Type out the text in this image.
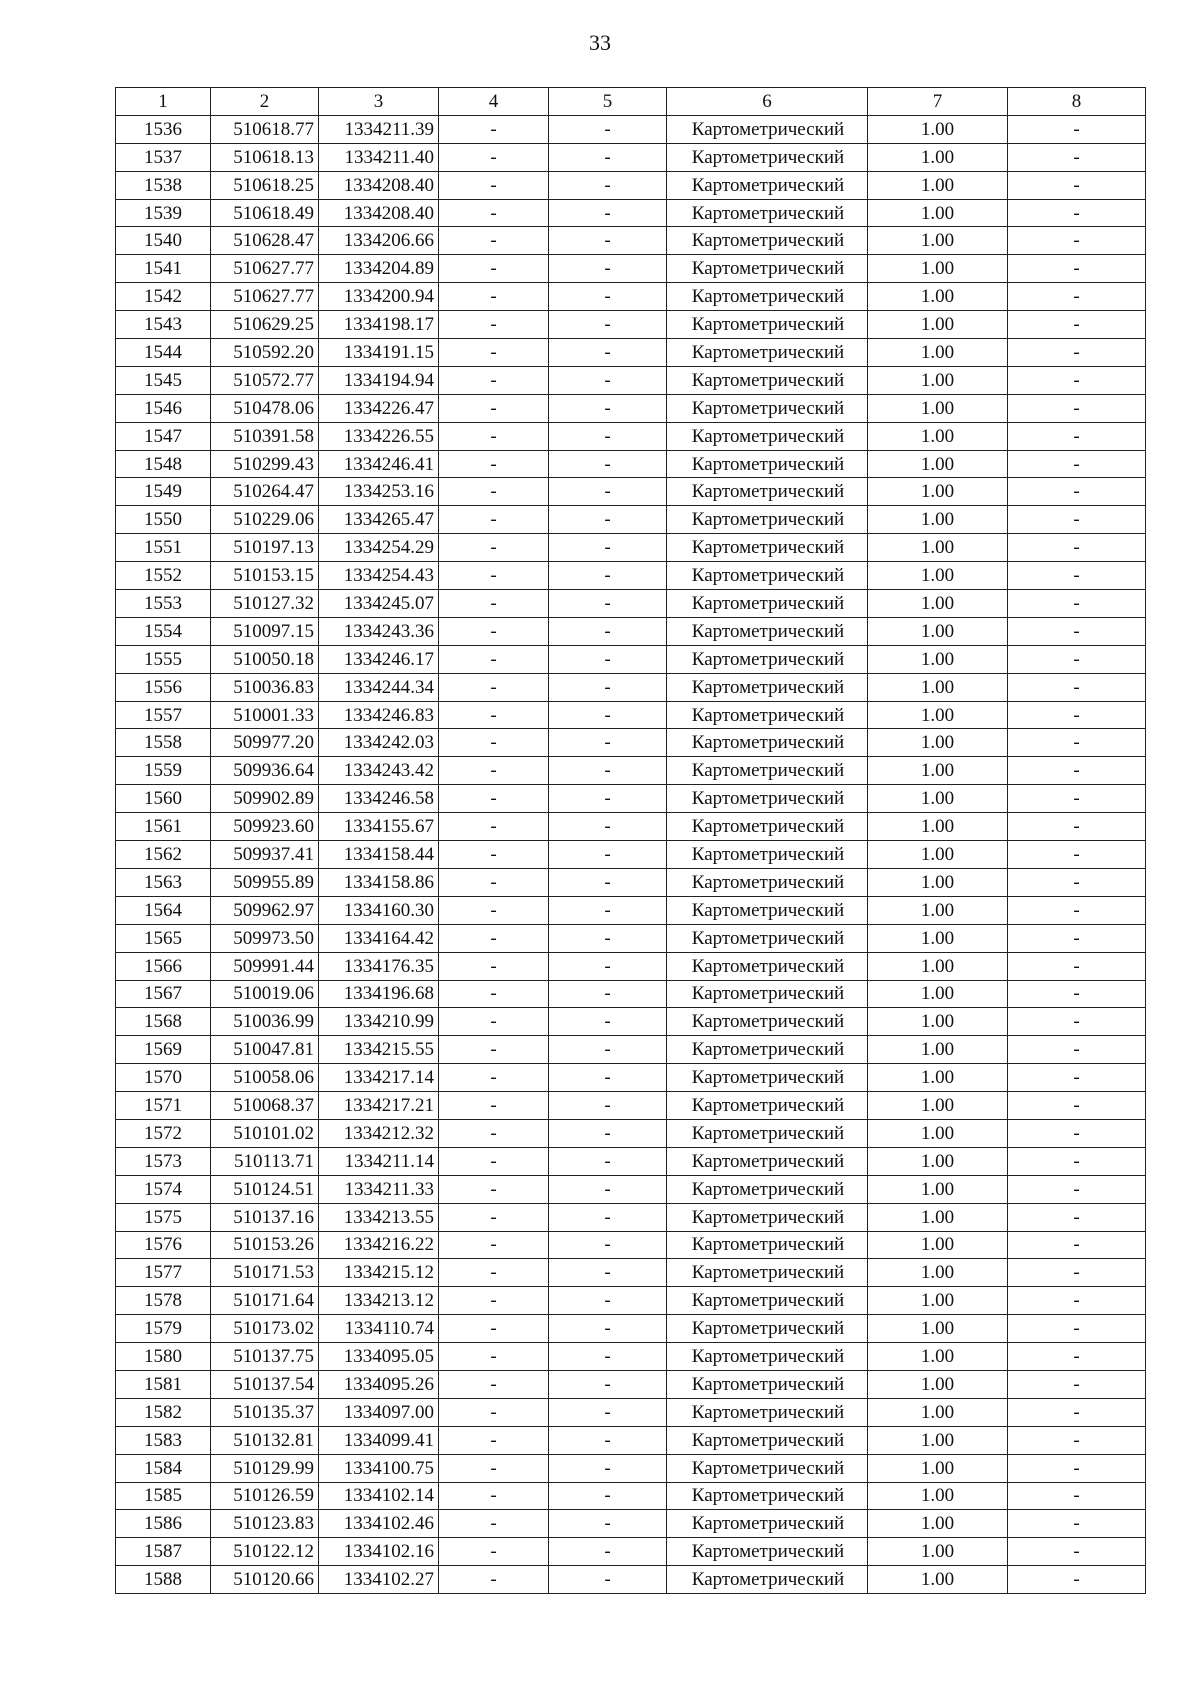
33
1	2	3	4	5	6	7	8
1536	510618.77	1334211.39	-	-	Картометрический	1.00	-
1537	510618.13	1334211.40	-	-	Картометрический	1.00	-
1538	510618.25	1334208.40	-	-	Картометрический	1.00	-
1539	510618.49	1334208.40	-	-	Картометрический	1.00	-
1540	510628.47	1334206.66	-	-	Картометрический	1.00	-
1541	510627.77	1334204.89	-	-	Картометрический	1.00	-
1542	510627.77	1334200.94	-	-	Картометрический	1.00	-
1543	510629.25	1334198.17	-	-	Картометрический	1.00	-
1544	510592.20	1334191.15	-	-	Картометрический	1.00	-
1545	510572.77	1334194.94	-	-	Картометрический	1.00	-
1546	510478.06	1334226.47	-	-	Картометрический	1.00	-
1547	510391.58	1334226.55	-	-	Картометрический	1.00	-
1548	510299.43	1334246.41	-	-	Картометрический	1.00	-
1549	510264.47	1334253.16	-	-	Картометрический	1.00	-
1550	510229.06	1334265.47	-	-	Картометрический	1.00	-
1551	510197.13	1334254.29	-	-	Картометрический	1.00	-
1552	510153.15	1334254.43	-	-	Картометрический	1.00	-
1553	510127.32	1334245.07	-	-	Картометрический	1.00	-
1554	510097.15	1334243.36	-	-	Картометрический	1.00	-
1555	510050.18	1334246.17	-	-	Картометрический	1.00	-
1556	510036.83	1334244.34	-	-	Картометрический	1.00	-
1557	510001.33	1334246.83	-	-	Картометрический	1.00	-
1558	509977.20	1334242.03	-	-	Картометрический	1.00	-
1559	509936.64	1334243.42	-	-	Картометрический	1.00	-
1560	509902.89	1334246.58	-	-	Картометрический	1.00	-
1561	509923.60	1334155.67	-	-	Картометрический	1.00	-
1562	509937.41	1334158.44	-	-	Картометрический	1.00	-
1563	509955.89	1334158.86	-	-	Картометрический	1.00	-
1564	509962.97	1334160.30	-	-	Картометрический	1.00	-
1565	509973.50	1334164.42	-	-	Картометрический	1.00	-
1566	509991.44	1334176.35	-	-	Картометрический	1.00	-
1567	510019.06	1334196.68	-	-	Картометрический	1.00	-
1568	510036.99	1334210.99	-	-	Картометрический	1.00	-
1569	510047.81	1334215.55	-	-	Картометрический	1.00	-
1570	510058.06	1334217.14	-	-	Картометрический	1.00	-
1571	510068.37	1334217.21	-	-	Картометрический	1.00	-
1572	510101.02	1334212.32	-	-	Картометрический	1.00	-
1573	510113.71	1334211.14	-	-	Картометрический	1.00	-
1574	510124.51	1334211.33	-	-	Картометрический	1.00	-
1575	510137.16	1334213.55	-	-	Картометрический	1.00	-
1576	510153.26	1334216.22	-	-	Картометрический	1.00	-
1577	510171.53	1334215.12	-	-	Картометрический	1.00	-
1578	510171.64	1334213.12	-	-	Картометрический	1.00	-
1579	510173.02	1334110.74	-	-	Картометрический	1.00	-
1580	510137.75	1334095.05	-	-	Картометрический	1.00	-
1581	510137.54	1334095.26	-	-	Картометрический	1.00	-
1582	510135.37	1334097.00	-	-	Картометрический	1.00	-
1583	510132.81	1334099.41	-	-	Картометрический	1.00	-
1584	510129.99	1334100.75	-	-	Картометрический	1.00	-
1585	510126.59	1334102.14	-	-	Картометрический	1.00	-
1586	510123.83	1334102.46	-	-	Картометрический	1.00	-
1587	510122.12	1334102.16	-	-	Картометрический	1.00	-
1588	510120.66	1334102.27	-	-	Картометрический	1.00	-
